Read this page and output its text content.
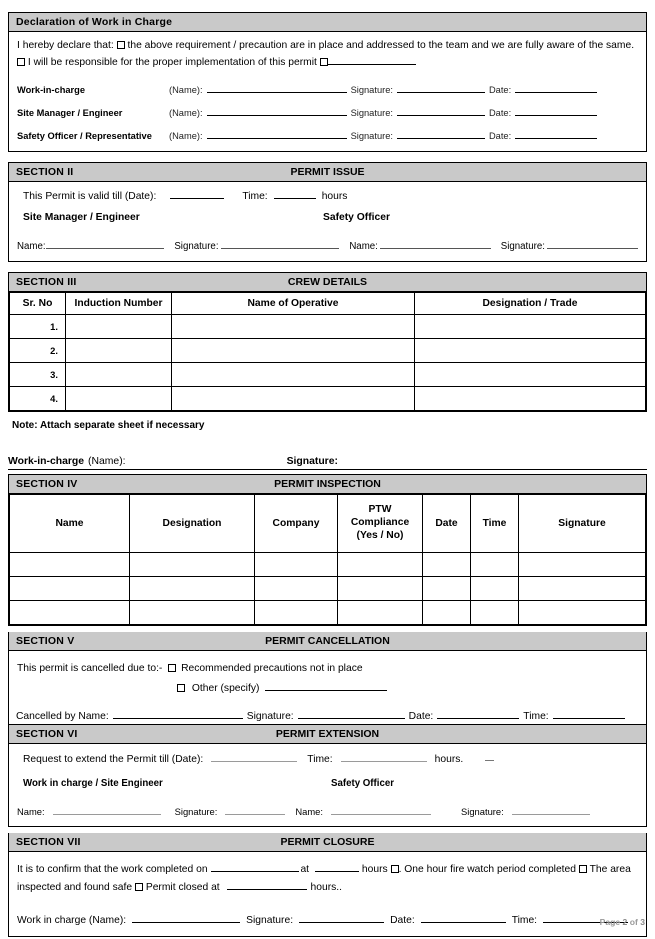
Declaration of Work in Charge
I hereby declare that: the above requirement / precaution are in place and addressed to the team and we are fully aware of the same.  I will be responsible for the proper implementation of this permit
Work-in-charge	(Name):	Signature:	Date:
Site Manager / Engineer	(Name):	Signature:	Date:
Safety Officer / Representative	(Name):	Signature:	Date:
SECTION II	PERMIT ISSUE
This Permit is valid till (Date):	Time:	hours
Site Manager / Engineer	Safety Officer
Name:	Signature:	Name:	Signature:
SECTION III	CREW DETAILS
Sr. No	Induction Number	Name of Operative	Designation / Trade
1.			
2.			
3.			
4.			
Note: Attach separate sheet if necessary
Work-in-charge (Name):	Signature:
SECTION IV	PERMIT INSPECTION
Name	Designation	Company	PTW Compliance (Yes / No)	Date	Time	Signature

SECTION V	PERMIT CANCELLATION
This permit is cancelled due to:- Recommended precautions not in place
Other (specify)
Cancelled by Name:	Signature:	Date:	Time:
SECTION VI	PERMIT EXTENSION
Request to extend the Permit till (Date):	Time:	hours.
Work in charge / Site Engineer	Safety Officer
Name:	Signature:	Name:	Signature:
SECTION VII	PERMIT CLOSURE
It is to confirm that the work completed on	at	hours . One hour fire watch period completed The area inspected and found safe Permit closed at	hours..
Work in charge (Name):	Signature:	Date:	Time:	Page 2 of 3
